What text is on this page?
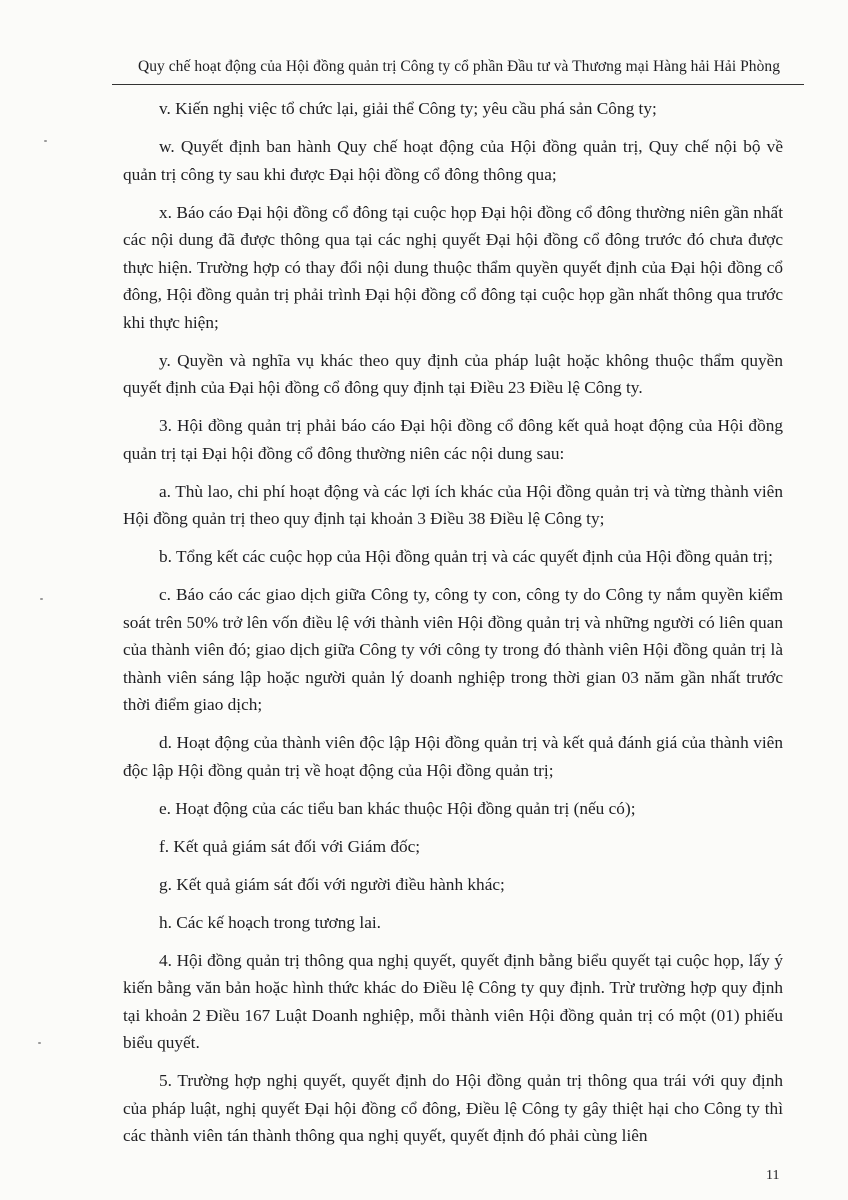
Quy chế hoạt động của Hội đồng quản trị Công ty cổ phần Đầu tư và Thương mại Hàng hải Hải Phòng

v. Kiến nghị việc tổ chức lại, giải thể Công ty; yêu cầu phá sản Công ty;

w. Quyết định ban hành Quy chế hoạt động của Hội đồng quản trị, Quy chế nội bộ về quản trị công ty sau khi được Đại hội đồng cổ đông thông qua;

x. Báo cáo Đại hội đồng cổ đông tại cuộc họp Đại hội đồng cổ đông thường niên gần nhất các nội dung đã được thông qua tại các nghị quyết Đại hội đồng cổ đông trước đó chưa được thực hiện. Trường hợp có thay đổi nội dung thuộc thẩm quyền quyết định của Đại hội đồng cổ đông, Hội đồng quản trị phải trình Đại hội đồng cổ đông tại cuộc họp gần nhất thông qua trước khi thực hiện;

y. Quyền và nghĩa vụ khác theo quy định của pháp luật hoặc không thuộc thẩm quyền quyết định của Đại hội đồng cổ đông quy định tại Điều 23 Điều lệ Công ty.

3. Hội đồng quản trị phải báo cáo Đại hội đồng cổ đông kết quả hoạt động của Hội đồng quản trị tại Đại hội đồng cổ đông thường niên các nội dung sau:

a. Thù lao, chi phí hoạt động và các lợi ích khác của Hội đồng quản trị và từng thành viên Hội đồng quản trị theo quy định tại khoản 3 Điều 38 Điều lệ Công ty;

b. Tổng kết các cuộc họp của Hội đồng quản trị và các quyết định của Hội đồng quản trị;

c. Báo cáo các giao dịch giữa Công ty, công ty con, công ty do Công ty nắm quyền kiểm soát trên 50% trở lên vốn điều lệ với thành viên Hội đồng quản trị và những người có liên quan của thành viên đó; giao dịch giữa Công ty với công ty trong đó thành viên Hội đồng quản trị là thành viên sáng lập hoặc người quản lý doanh nghiệp trong thời gian 03 năm gần nhất trước thời điểm giao dịch;

d. Hoạt động của thành viên độc lập Hội đồng quản trị và kết quả đánh giá của thành viên độc lập Hội đồng quản trị về hoạt động của Hội đồng quản trị;

e. Hoạt động của các tiểu ban khác thuộc Hội đồng quản trị (nếu có);

f. Kết quả giám sát đối với Giám đốc;

g. Kết quả giám sát đối với người điều hành khác;

h. Các kế hoạch trong tương lai.

4. Hội đồng quản trị thông qua nghị quyết, quyết định bằng biểu quyết tại cuộc họp, lấy ý kiến bằng văn bản hoặc hình thức khác do Điều lệ Công ty quy định. Trừ trường hợp quy định tại khoản 2 Điều 167 Luật Doanh nghiệp, mỗi thành viên Hội đồng quản trị có một (01) phiếu biểu quyết.

5. Trường hợp nghị quyết, quyết định do Hội đồng quản trị thông qua trái với quy định của pháp luật, nghị quyết Đại hội đồng cổ đông, Điều lệ Công ty gây thiệt hại cho Công ty thì các thành viên tán thành thông qua nghị quyết, quyết định đó phải cùng liên

11
